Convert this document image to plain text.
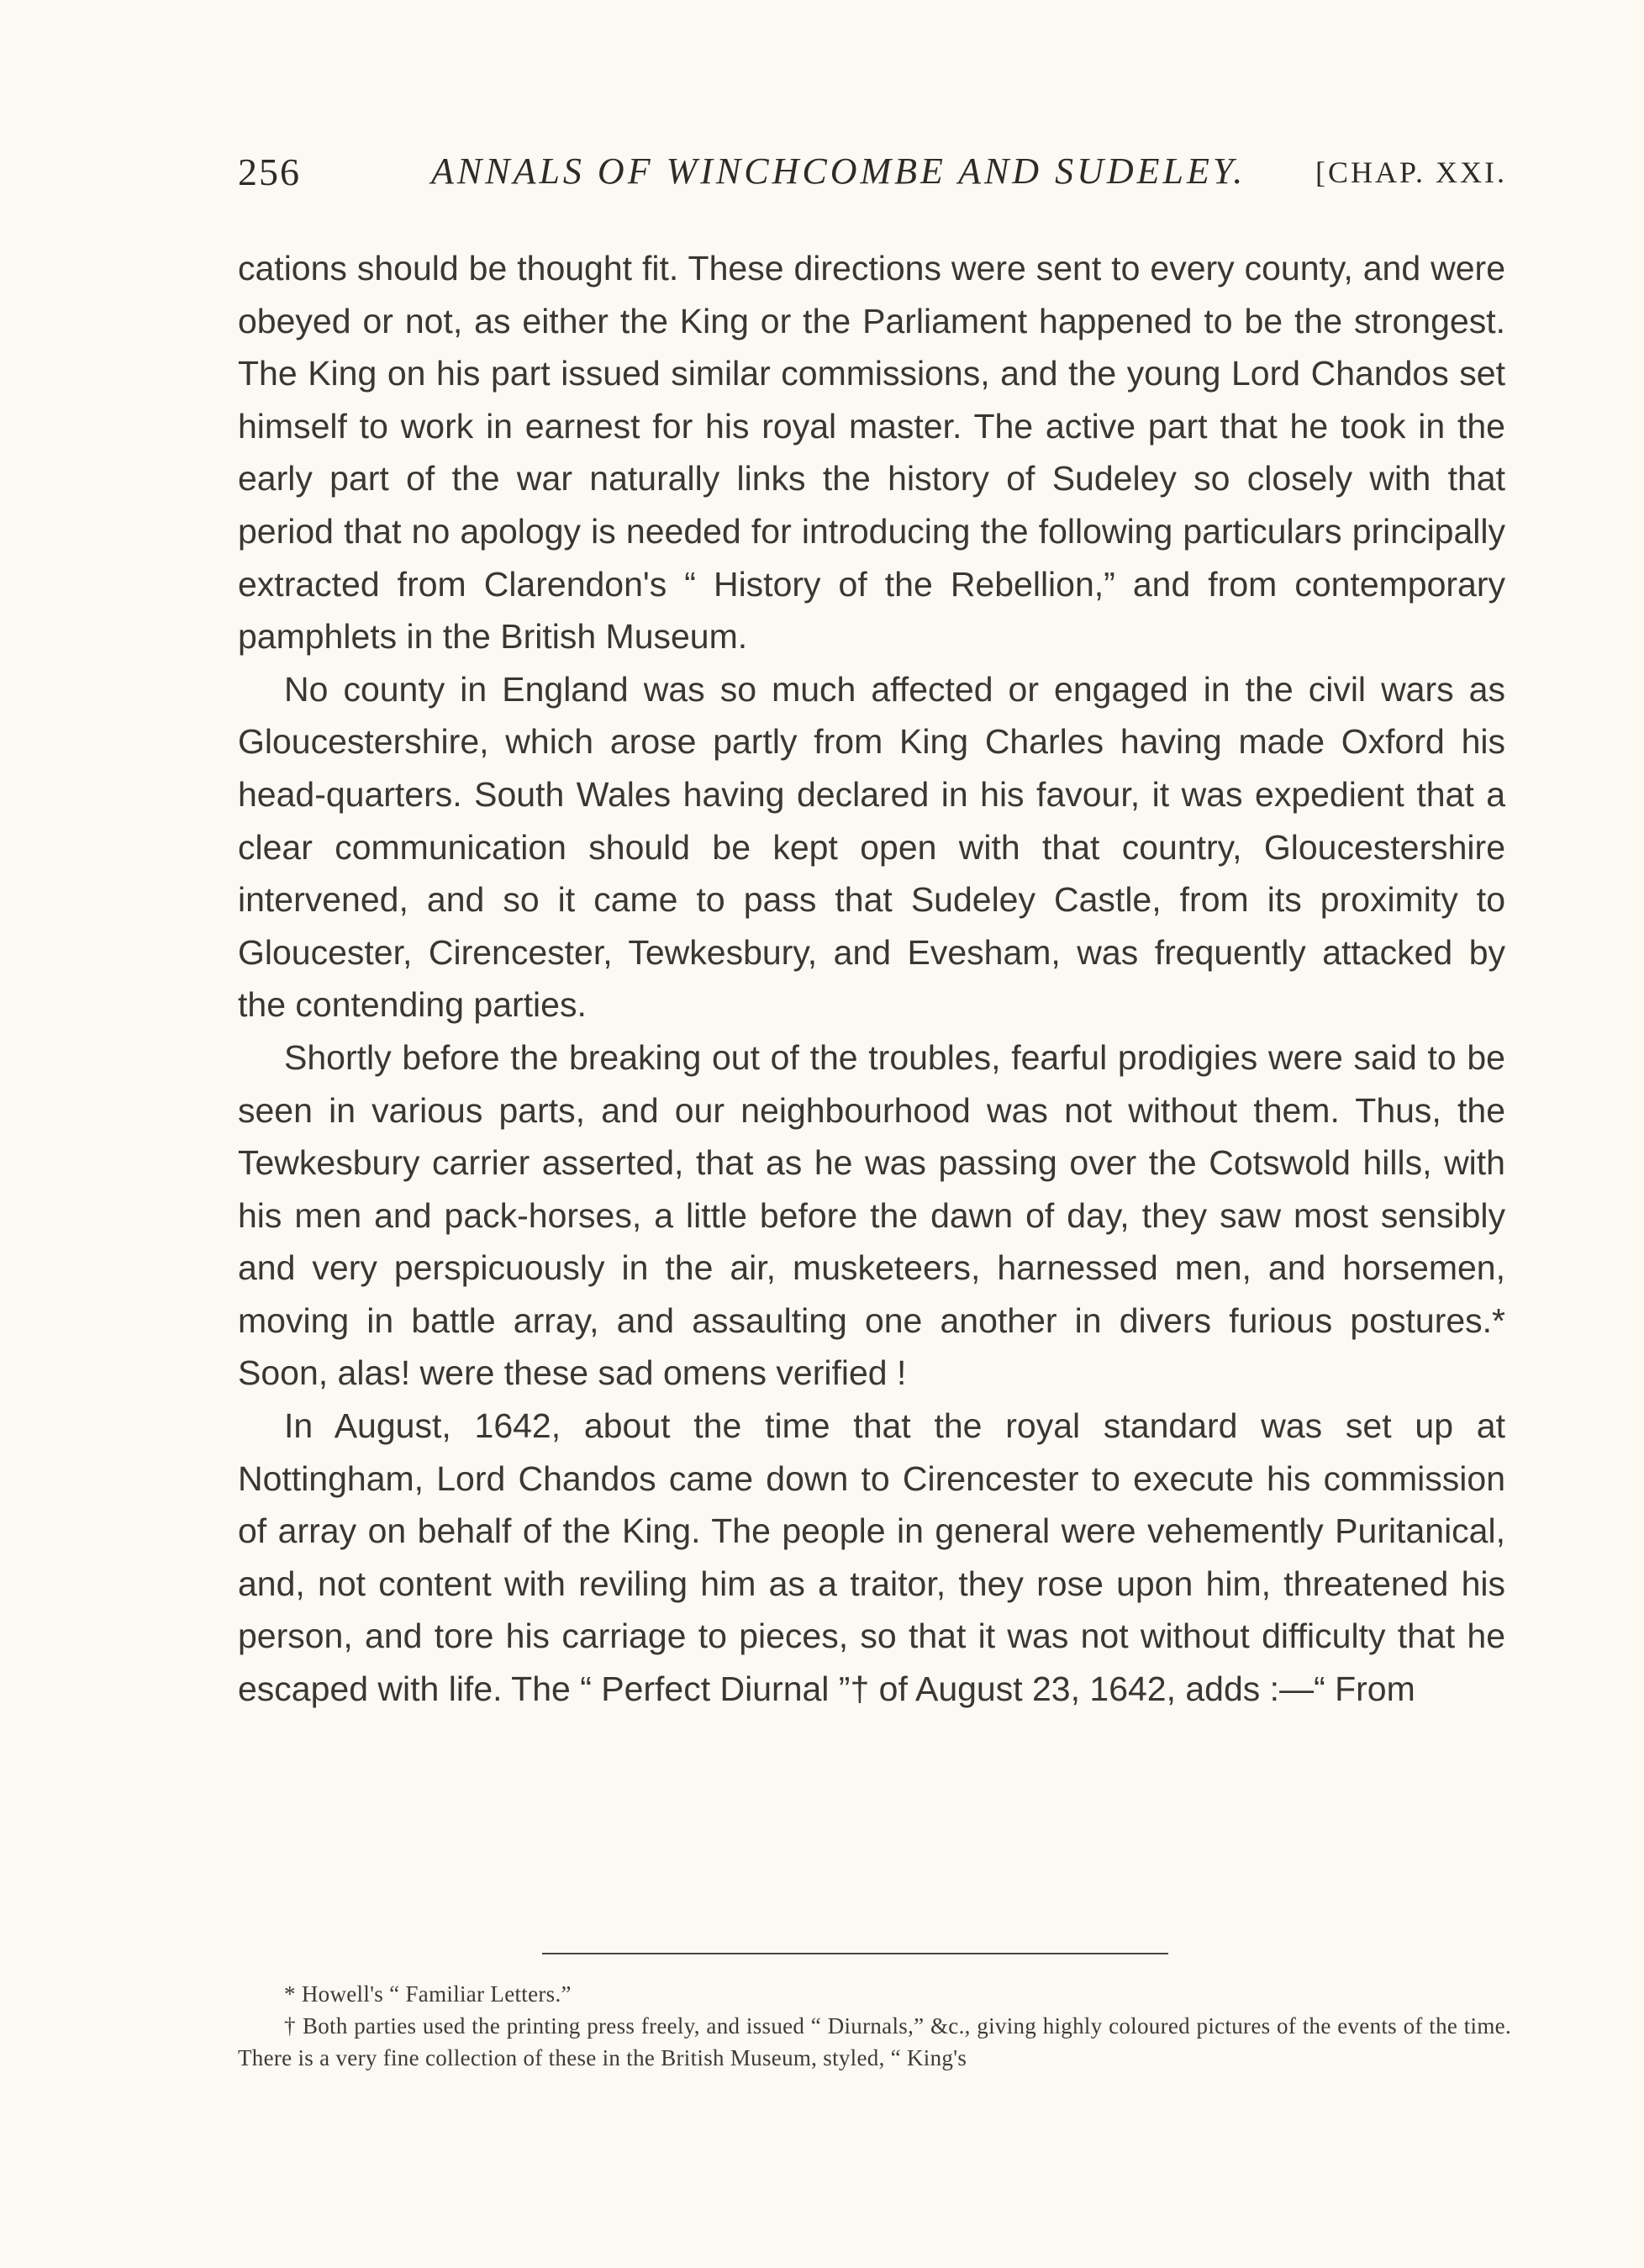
256	ANNALS OF WINCHCOMBE AND SUDELEY. [CHAP. XXI.

cations should be thought fit. These directions were sent to every county, and were obeyed or not, as either the King or the Parliament happened to be the strongest. The King on his part issued similar commissions, and the young Lord Chandos set himself to work in earnest for his royal master. The active part that he took in the early part of the war naturally links the history of Sudeley so closely with that period that no apology is needed for introducing the following particulars principally extracted from Clarendon's “ History of the Rebellion,” and from contemporary pamphlets in the British Museum.

No county in England was so much affected or engaged in the civil wars as Gloucestershire, which arose partly from King Charles having made Oxford his head-quarters. South Wales having declared in his favour, it was expedient that a clear communication should be kept open with that country, Gloucestershire intervened, and so it came to pass that Sudeley Castle, from its proximity to Gloucester, Cirencester, Tewkesbury, and Evesham, was frequently attacked by the contending parties.

Shortly before the breaking out of the troubles, fearful prodigies were said to be seen in various parts, and our neighbourhood was not without them. Thus, the Tewkesbury carrier asserted, that as he was passing over the Cotswold hills, with his men and pack-horses, a little before the dawn of day, they saw most sensibly and very perspicuously in the air, musketeers, harnessed men, and horsemen, moving in battle array, and assaulting one another in divers furious postures.* Soon, alas! were these sad omens verified !

In August, 1642, about the time that the royal standard was set up at Nottingham, Lord Chandos came down to Cirencester to execute his commission of array on behalf of the King. The people in general were vehemently Puritanical, and, not content with reviling him as a traitor, they rose upon him, threatened his person, and tore his carriage to pieces, so that it was not without difficulty that he escaped with life. The “ Perfect Diurnal ”† of August 23, 1642, adds :—“ From

* Howell's “ Familiar Letters.”

† Both parties used the printing press freely, and issued “ Diurnals,” &c., giving highly coloured pictures of the events of the time. There is a very fine collection of these in the British Museum, styled, “ King's
